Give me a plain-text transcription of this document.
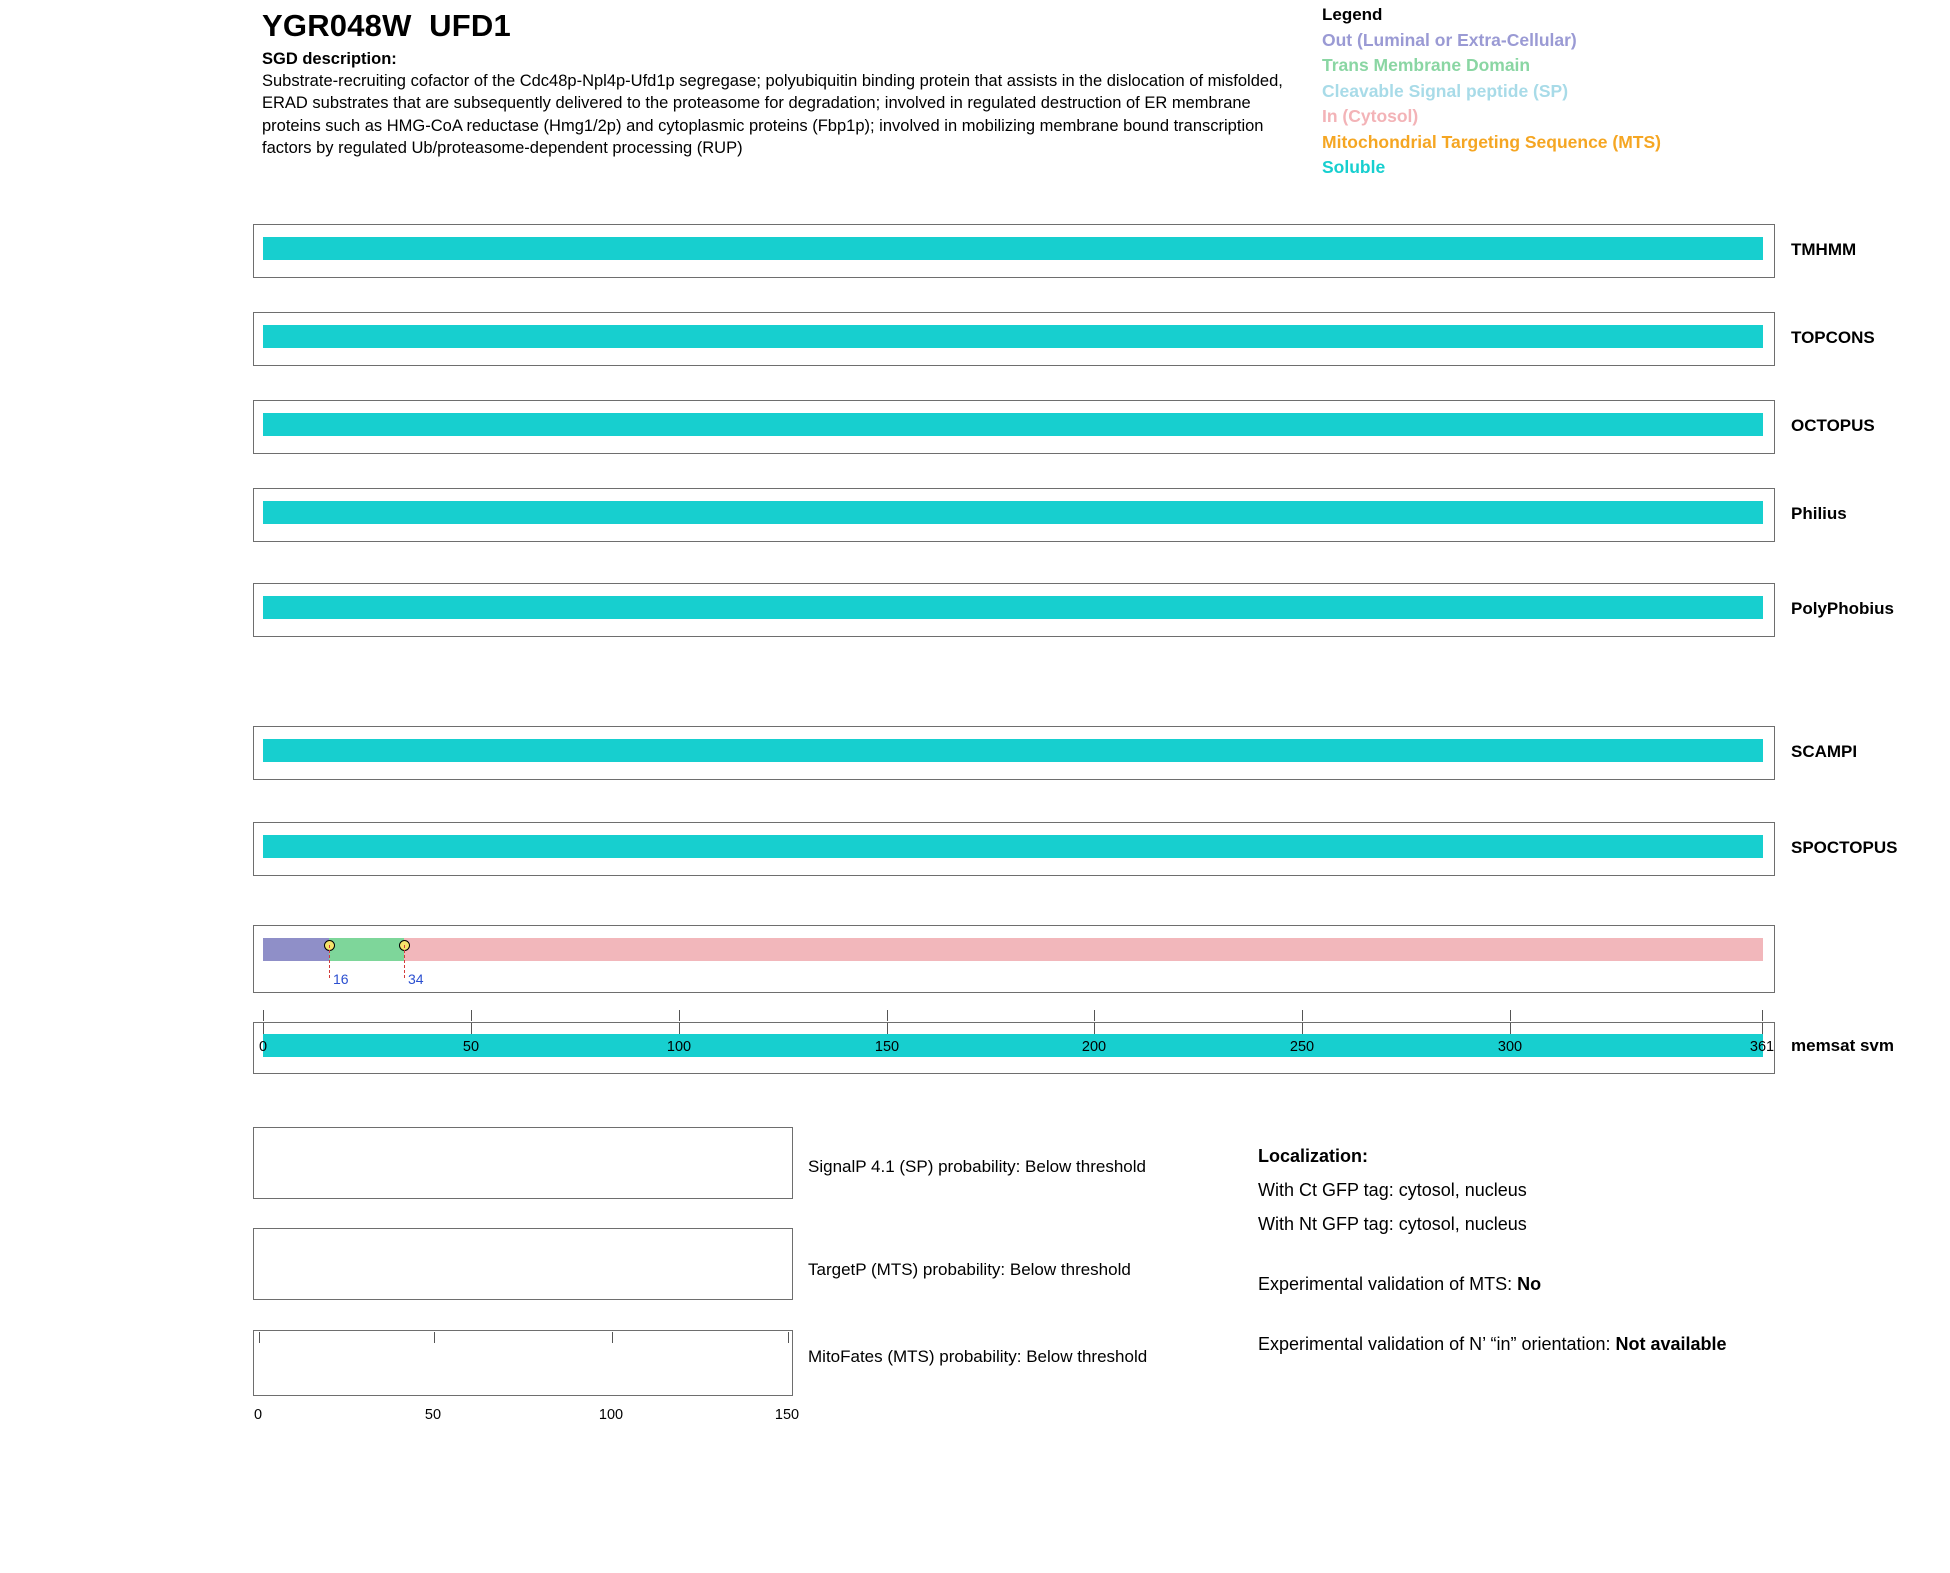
YGR048W  UFD1
SGD description:
Substrate-recruiting cofactor of the Cdc48p-Npl4p-Ufd1p segregase; polyubiquitin binding protein that assists in the dislocation of misfolded, ERAD substrates that are subsequently delivered to the proteasome for degradation; involved in regulated destruction of ER membrane proteins such as HMG-CoA reductase (Hmg1/2p) and cytoplasmic proteins (Fbp1p); involved in mobilizing membrane bound transcription factors by regulated Ub/proteasome-dependent processing (RUP)
Legend
Out (Luminal or Extra-Cellular)
Trans Membrane Domain
Cleavable Signal peptide (SP)
In (Cytosol)
Mitochondrial Targeting Sequence (MTS)
Soluble
TMHMM
TOPCONS
OCTOPUS
Philius
PolyPhobius
SCAMPI
SPOCTOPUS
16	34
memsat svm
0	50	100	150	200	250	300	361
SignalP 4.1 (SP) probability: Below threshold
TargetP (MTS) probability: Below threshold
MitoFates (MTS) probability: Below threshold
0	50	100	150
Localization:
With Ct GFP tag: cytosol, nucleus
With Nt GFP tag: cytosol, nucleus
Experimental validation of MTS: No
Experimental validation of N’ “in” orientation: Not available
